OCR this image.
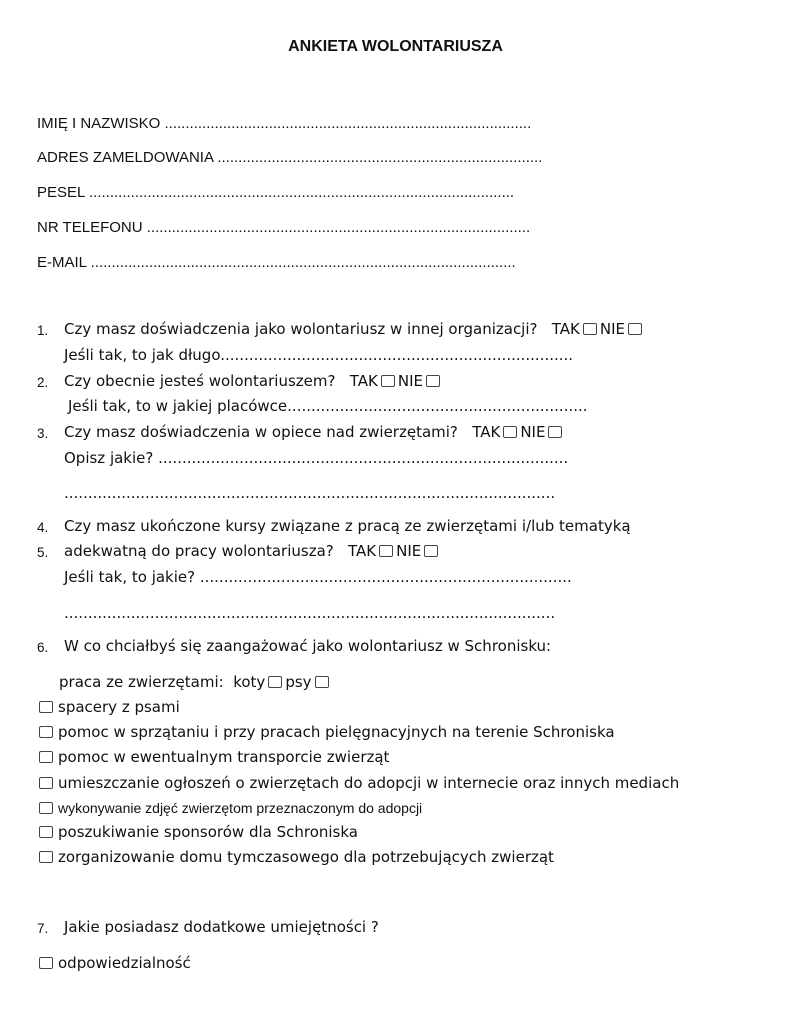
ANKIETA WOLONTARIUSZA
IMIĘ I NAZWISKO ........................................................................................
ADRES ZAMELDOWANIA ..............................................................................
PESEL ......................................................................................................
NR TELEFONU ............................................................................................
E-MAIL ......................................................................................................
1. Czy masz doświadczenia jako wolontariusz w innej organizacji? TAK NIE
Jeśli tak, to jak długo..........................................................................
2. Czy obecnie jesteś wolontariuszem? TAK NIE
Jeśli tak, to w jakiej placówce...............................................................
3. Czy masz doświadczenia w opiece nad zwierzętami? TAK NIE
Opisz jakie? ......................................................................................
.......................................................................................................
4. Czy masz ukończone kursy związane z pracą ze zwierzętami i/lub tematyką
5. adekwatną do pracy wolontariusza? TAK NIE
Jeśli tak, to jakie? ..............................................................................
.......................................................................................................
6. W co chciałbyś się zaangażować jako wolontariusz w Schronisku:
praca ze zwierzętami: koty psy
spacery z psami
pomoc w sprzątaniu i przy pracach pielęgnacyjnych na terenie Schroniska
pomoc w ewentualnym transporcie zwierząt
umieszczanie ogłoszeń o zwierzętach do adopcji w internecie oraz innych mediach
wykonywanie zdjęć zwierzętom przeznaczonym do adopcji
poszukiwanie sponsorów dla Schroniska
zorganizowanie domu tymczasowego dla potrzebujących zwierząt
7. Jakie posiadasz dodatkowe umiejętności ?
odpowiedzialność
